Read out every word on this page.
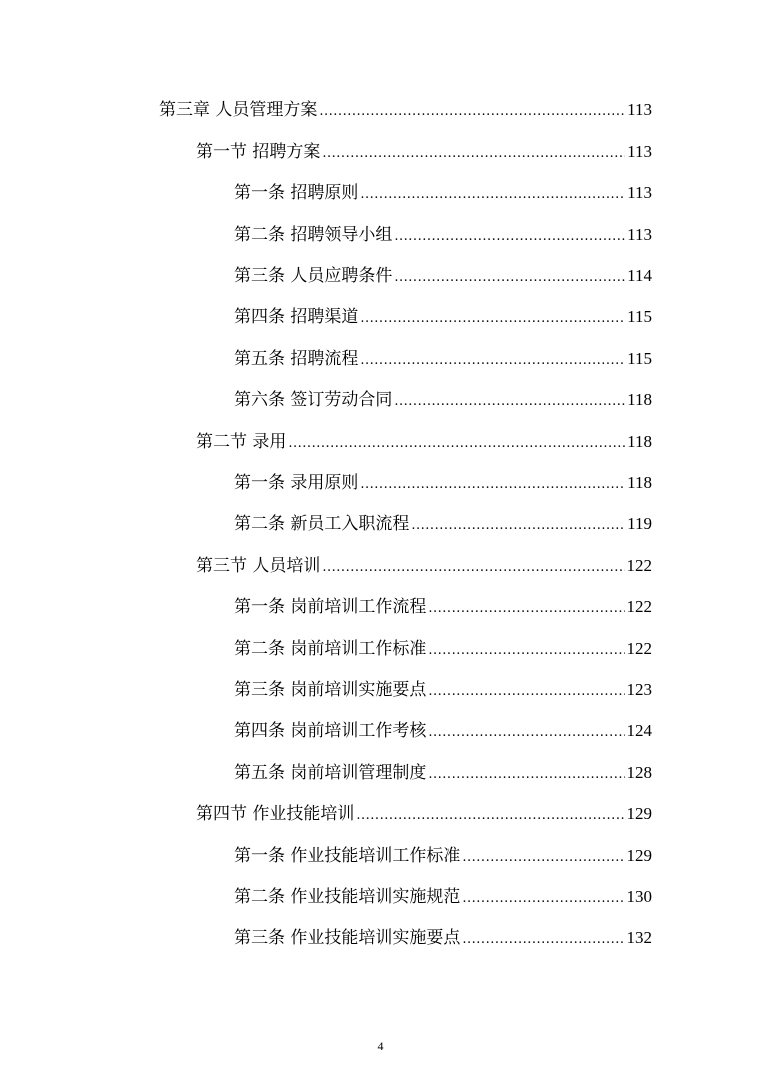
第三章 人员管理方案 .....	113
第一节 招聘方案 .....	113
第一条 招聘原则 .....	113
第二条 招聘领导小组 .....	113
第三条 人员应聘条件 .....	114
第四条 招聘渠道 .....	115
第五条 招聘流程 .....	115
第六条 签订劳动合同 .....	118
第二节 录用 .....	118
第一条 录用原则 .....	118
第二条 新员工入职流程 .....	119
第三节 人员培训 .....	122
第一条 岗前培训工作流程 .....	122
第二条 岗前培训工作标准 .....	122
第三条 岗前培训实施要点 .....	123
第四条 岗前培训工作考核 .....	124
第五条 岗前培训管理制度 .....	128
第四节 作业技能培训 .....	129
第一条 作业技能培训工作标准 .....	129
第二条 作业技能培训实施规范 .....	130
第三条 作业技能培训实施要点 .....	132
4
